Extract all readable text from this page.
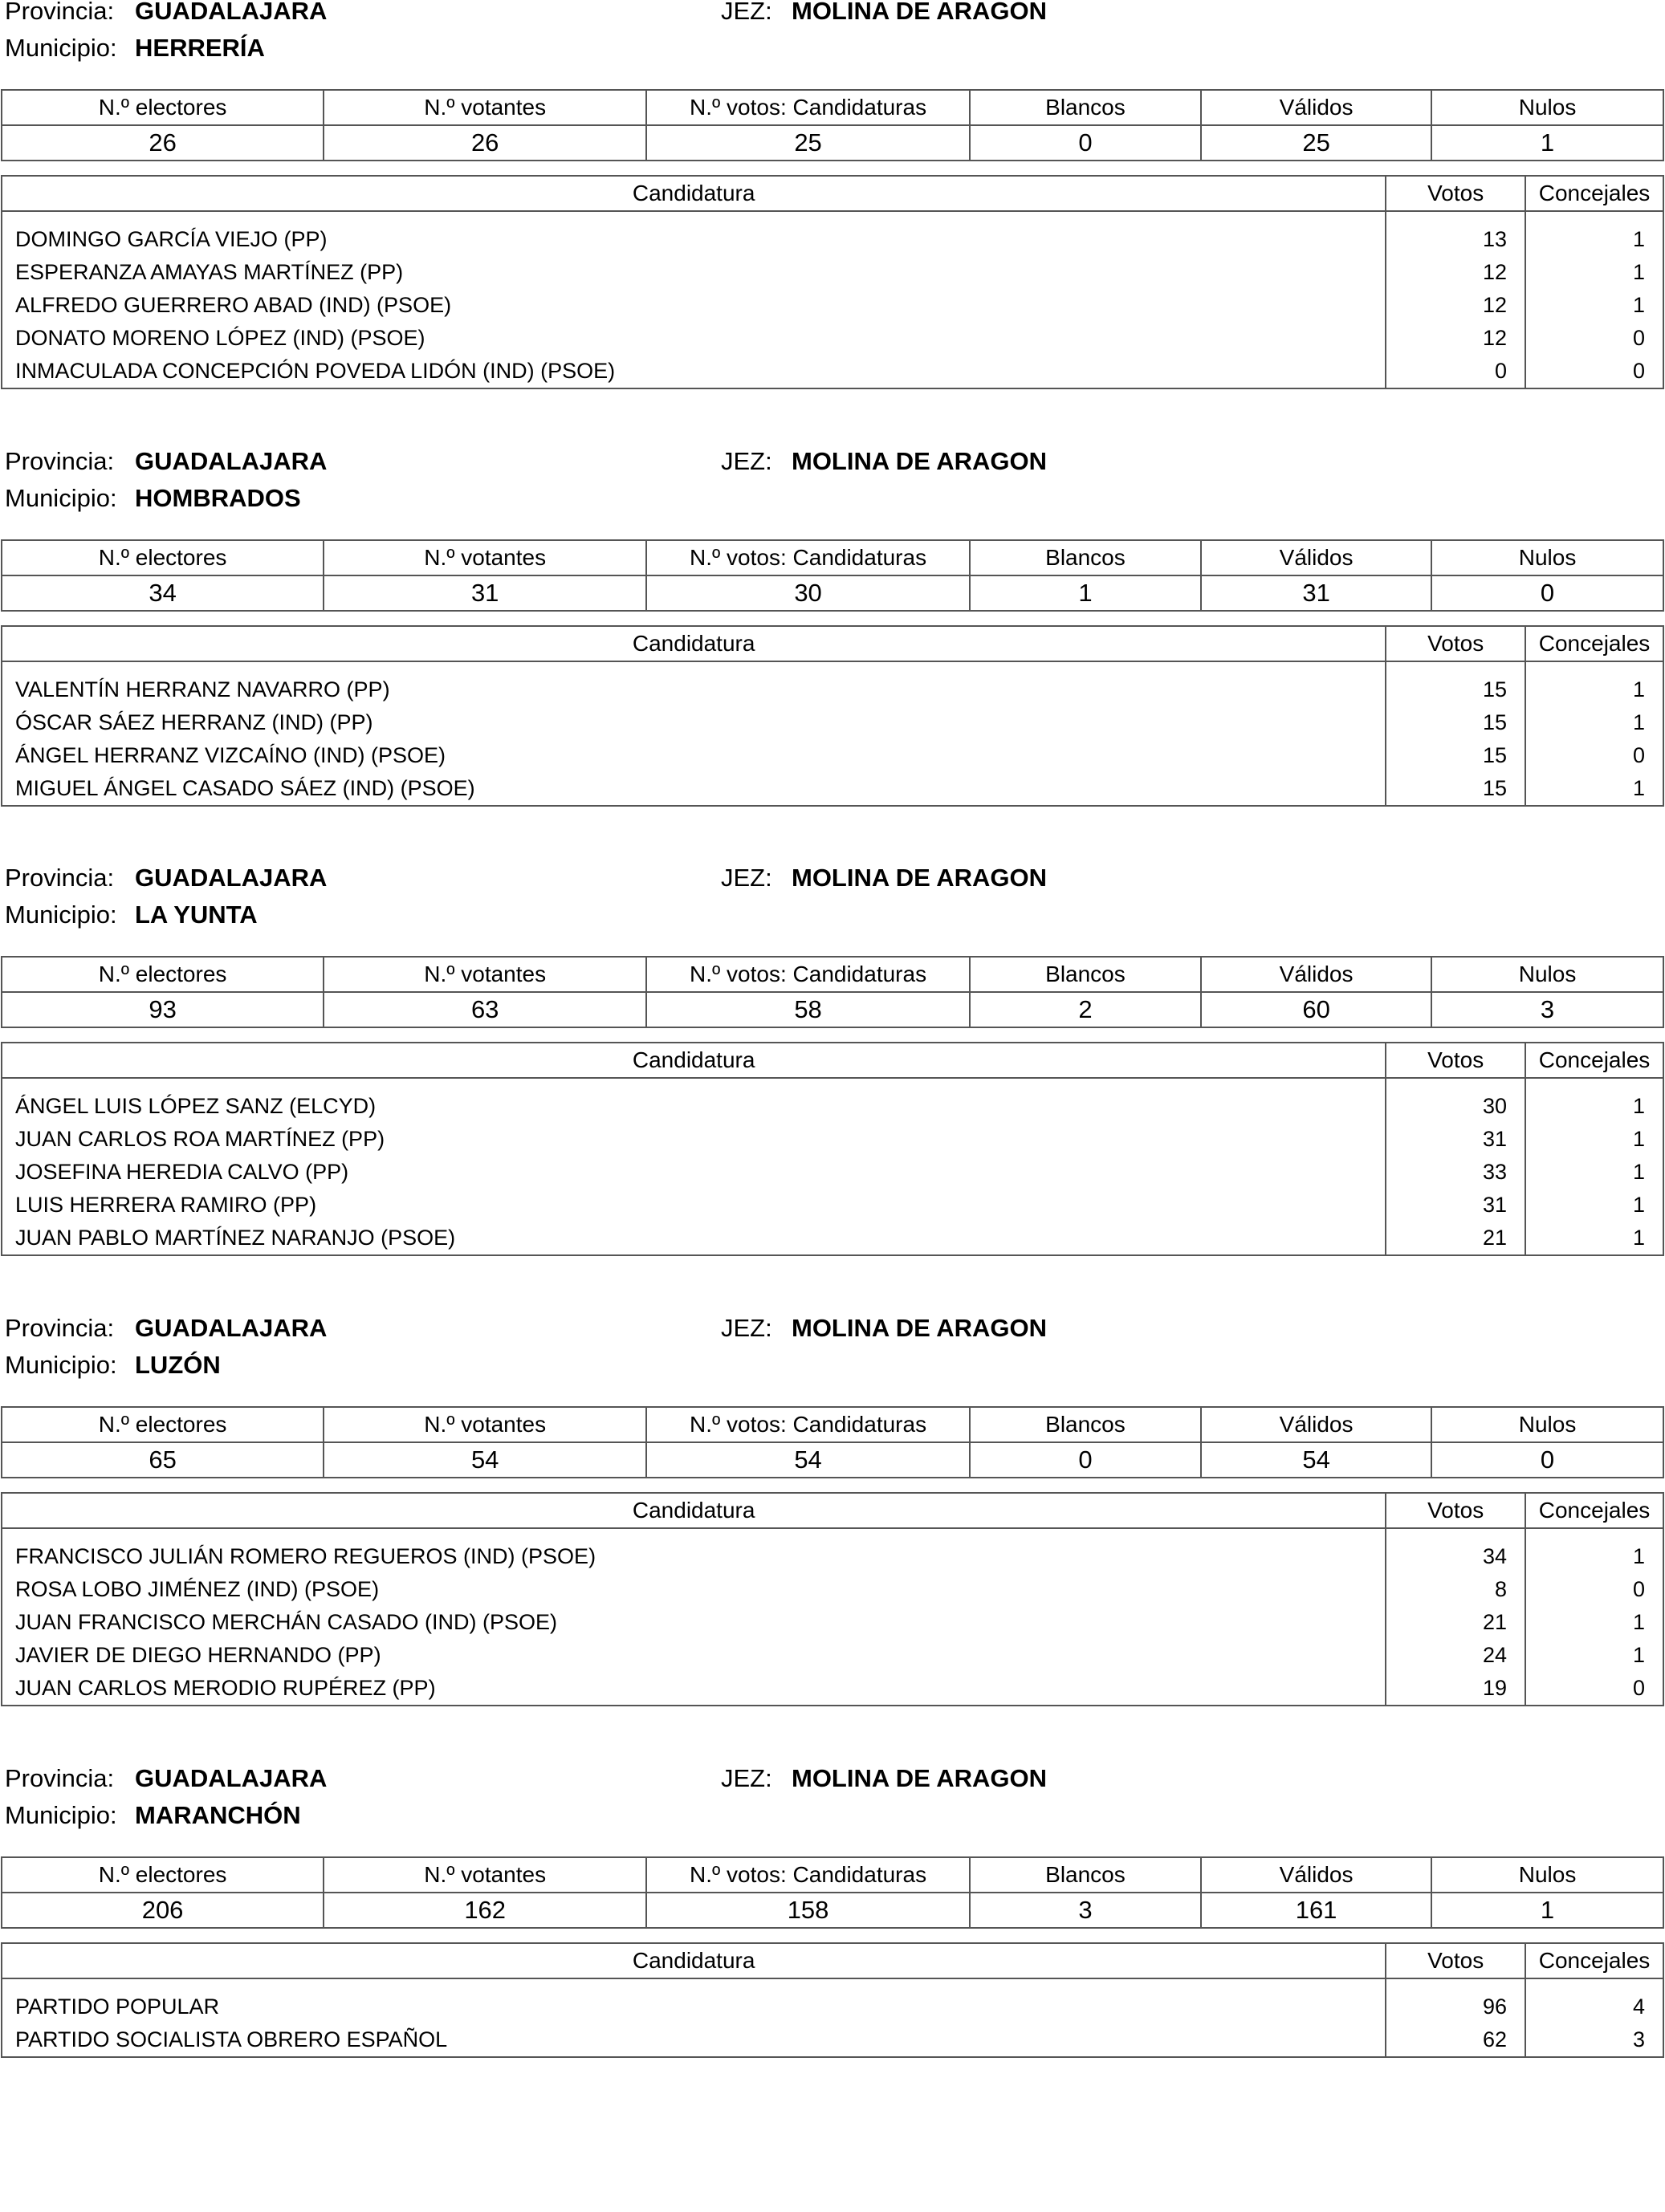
Provincia: GUADALAJARA	JEZ: MOLINA DE ARAGON
Municipio: HERRERÍA
N.º electores	N.º votantes	N.º votos: Candidaturas	Blancos	Válidos	Nulos
26	26	25	0	25	1
Candidatura	Votos	Concejales

DOMINGO GARCÍA VIEJO (PP)	13	1
ESPERANZA AMAYAS MARTÍNEZ (PP)	12	1
ALFREDO GUERRERO ABAD (IND) (PSOE)	12	1
DONATO MORENO LÓPEZ (IND) (PSOE)	12	0
INMACULADA CONCEPCIÓN POVEDA LIDÓN (IND) (PSOE)	0	0
Provincia: GUADALAJARA	JEZ: MOLINA DE ARAGON
Municipio: HOMBRADOS
N.º electores	N.º votantes	N.º votos: Candidaturas	Blancos	Válidos	Nulos
34	31	30	1	31	0
Candidatura	Votos	Concejales

VALENTÍN HERRANZ NAVARRO (PP)	15	1
ÓSCAR SÁEZ HERRANZ (IND) (PP)	15	1
ÁNGEL HERRANZ VIZCAÍNO (IND) (PSOE)	15	0
MIGUEL ÁNGEL CASADO SÁEZ (IND) (PSOE)	15	1
Provincia: GUADALAJARA	JEZ: MOLINA DE ARAGON
Municipio: LA YUNTA
N.º electores	N.º votantes	N.º votos: Candidaturas	Blancos	Válidos	Nulos
93	63	58	2	60	3
Candidatura	Votos	Concejales

ÁNGEL LUIS LÓPEZ SANZ (ELCYD)	30	1
JUAN CARLOS ROA MARTÍNEZ (PP)	31	1
JOSEFINA HEREDIA CALVO (PP)	33	1
LUIS HERRERA RAMIRO (PP)	31	1
JUAN PABLO MARTÍNEZ NARANJO (PSOE)	21	1
Provincia: GUADALAJARA	JEZ: MOLINA DE ARAGON
Municipio: LUZÓN
N.º electores	N.º votantes	N.º votos: Candidaturas	Blancos	Válidos	Nulos
65	54	54	0	54	0
Candidatura	Votos	Concejales

FRANCISCO JULIÁN ROMERO REGUEROS (IND) (PSOE)	34	1
ROSA LOBO JIMÉNEZ (IND) (PSOE)	8	0
JUAN FRANCISCO MERCHÁN CASADO (IND) (PSOE)	21	1
JAVIER DE DIEGO HERNANDO (PP)	24	1
JUAN CARLOS MERODIO RUPÉREZ (PP)	19	0
Provincia: GUADALAJARA	JEZ: MOLINA DE ARAGON
Municipio: MARANCHÓN
N.º electores	N.º votantes	N.º votos: Candidaturas	Blancos	Válidos	Nulos
206	162	158	3	161	1
Candidatura	Votos	Concejales

PARTIDO POPULAR	96	4
PARTIDO SOCIALISTA OBRERO ESPAÑOL	62	3
